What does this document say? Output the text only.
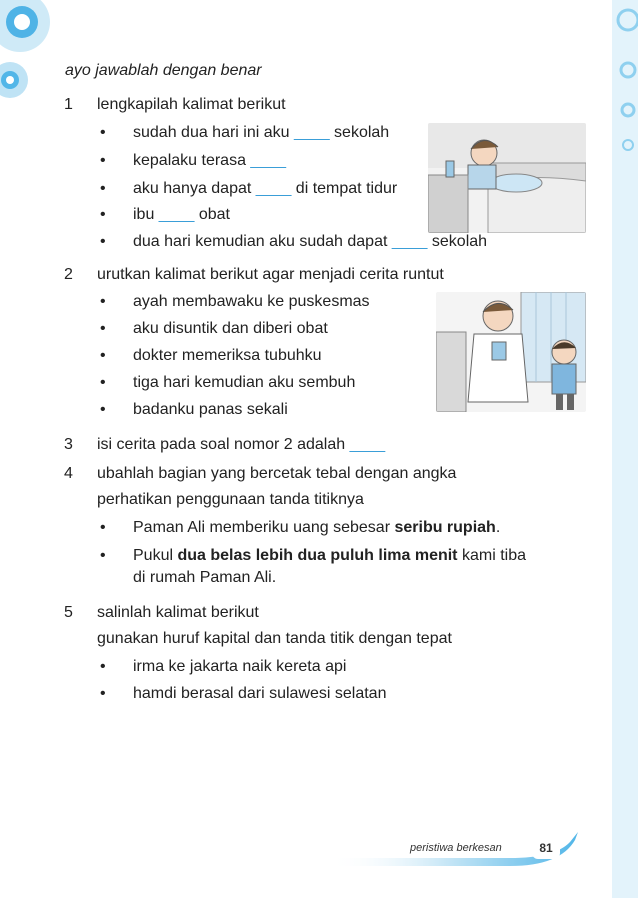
ayo jawablah dengan benar
1 lengkapilah kalimat berikut
• sudah dua hari ini aku ____ sekolah
• kepalaku terasa ____
• aku hanya dapat ____ di tempat tidur
• ibu ____ obat
• dua hari kemudian aku sudah dapat ____ sekolah
2 urutkan kalimat berikut agar menjadi cerita runtut
• ayah membawaku ke puskesmas
• aku disuntik dan diberi obat
• dokter memeriksa tubuhku
• tiga hari kemudian aku sembuh
• badanku panas sekali
3 isi cerita pada soal nomor 2 adalah ____
4 ubahlah bagian yang bercetak tebal dengan angka
perhatikan penggunaan tanda titiknya
• Paman Ali memberiku uang sebesar seribu rupiah.
• Pukul dua belas lebih dua puluh lima menit kami tiba
di rumah Paman Ali.
5 salinlah kalimat berikut
gunakan huruf kapital dan tanda titik dengan tepat
• irma ke jakarta naik kereta api
• hamdi berasal dari sulawesi selatan
peristiwa berkesan	81
